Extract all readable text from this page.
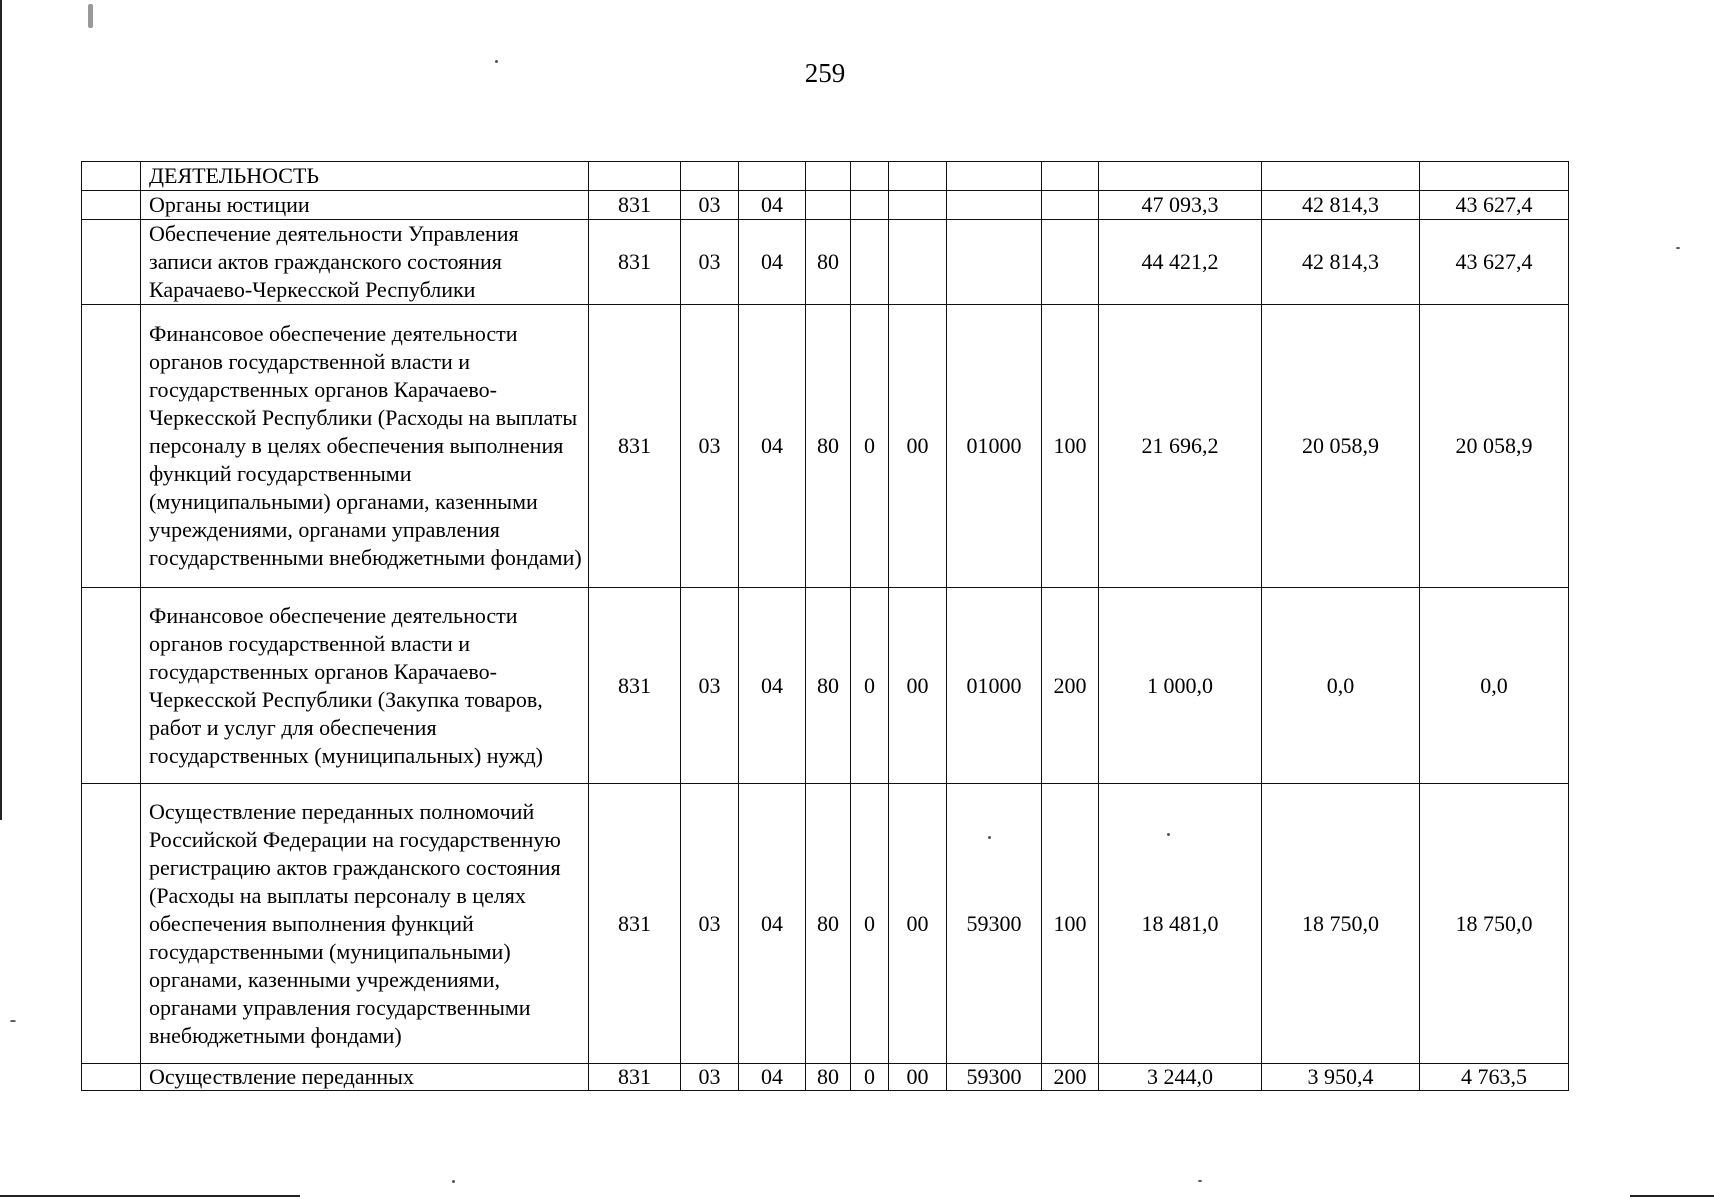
259
	ДЕЯТЕЛЬНОСТЬ											
	Органы юстиции	831	03	04						47 093,3	42 814,3	43 627,4
	Обеспечение деятельности Управления записи актов гражданского состояния Карачаево-Черкесской Республики	831	03	04	80					44 421,2	42 814,3	43 627,4
	Финансовое обеспечение деятельности органов государственной власти и государственных органов Карачаево-Черкесской Республики (Расходы на выплаты персоналу в целях обеспечения выполнения функций государственными (муниципальными) органами, казенными учреждениями, органами управления государственными внебюджетными фондами)	831	03	04	80	0	00	01000	100	21 696,2	20 058,9	20 058,9
	Финансовое обеспечение деятельности органов государственной власти и государственных органов Карачаево-Черкесской Республики (Закупка товаров, работ и услуг для обеспечения государственных (муниципальных) нужд)	831	03	04	80	0	00	01000	200	1 000,0	0,0	0,0
	Осуществление переданных полномочий Российской Федерации на государственную регистрацию актов гражданского состояния (Расходы на выплаты персоналу в целях обеспечения выполнения функций государственными (муниципальными) органами, казенными учреждениями, органами управления государственными внебюджетными фондами)	831	03	04	80	0	00	59300	100	18 481,0	18 750,0	18 750,0
	Осуществление переданных	831	03	04	80	0	00	59300	200	3 244,0	3 950,4	4 763,5
